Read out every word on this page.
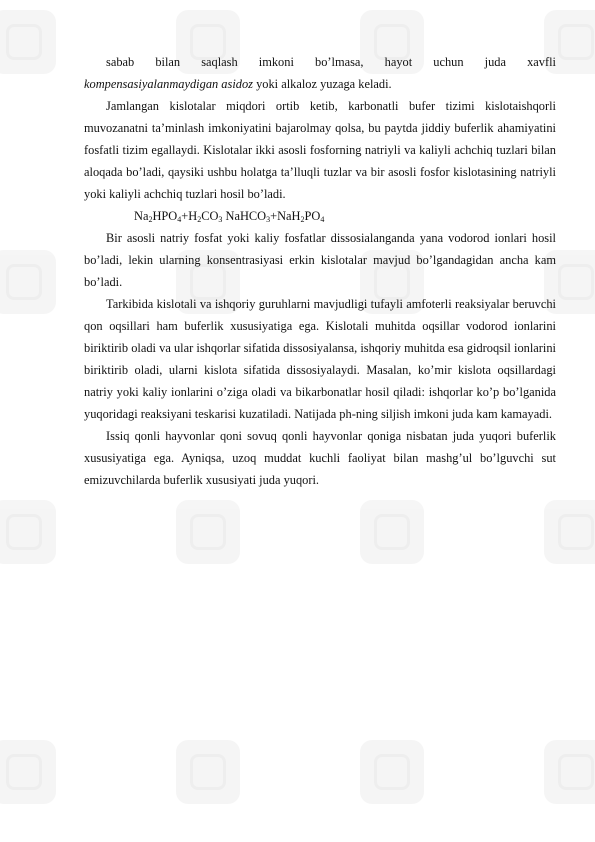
sabab bilan saqlash imkoni bo’lmasa, hayot uchun juda xavfli

kompensasiyalanmaydigan asidoz yoki alkaloz yuzaga keladi.

Jamlangan kislotalar miqdori ortib ketib, karbonatli bufer tizimi kislotaishqorli muvozanatni ta’minlash imkoniyatini bajarolmay qolsa, bu paytda jiddiy buferlik ahamiyatini fosfatli tizim egallaydi. Kislotalar ikki asosli fosforning natriyli va kaliyli achchiq tuzlari bilan aloqada bo’ladi, qaysiki ushbu holatga ta’lluqli tuzlar va bir asosli fosfor kislotasining natriyli yoki kaliyli achchiq tuzlari hosil bo’ladi.

$Na_2HPO_4+H_2CO_3$ $NaHCO_3+NaH_2PO_4$

Bir asosli natriy fosfat yoki kaliy fosfatlar dissosialanganda yana vodorod ionlari hosil bo’ladi, lekin ularning konsentrasiyasi erkin kislotalar mavjud bo’lgandagidan ancha kam bo’ladi.

Tarkibida kislotali va ishqoriy guruhlarni mavjudligi tufayli amfoterli reaksiyalar beruvchi qon oqsillari ham buferlik xususiyatiga ega. Kislotali muhitda oqsillar vodorod ionlarini biriktirib oladi va ular ishqorlar sifatida dissosiyalansa, ishqoriy muhitda esa gidroqsil ionlarini biriktirib oladi, ularni kislota sifatida dissosiyalaydi. Masalan, ko’mir kislota oqsillardagi natriy yoki kaliy ionlarini o’ziga oladi va bikarbonatlar hosil qiladi: ishqorlar ko’p bo’lganida yuqoridagi reaksiyani teskarisi kuzatiladi. Natijada ph-ning siljish imkoni juda kam kamayadi.

Issiq qonli hayvonlar qoni sovuq qonli hayvonlar qoniga nisbatan juda yuqori buferlik xususiyatiga ega. Ayniqsa, uzoq muddat kuchli faoliyat bilan mashg’ul bo’lguvchi sut emizuvchilarda buferlik xususiyati juda yuqori.
